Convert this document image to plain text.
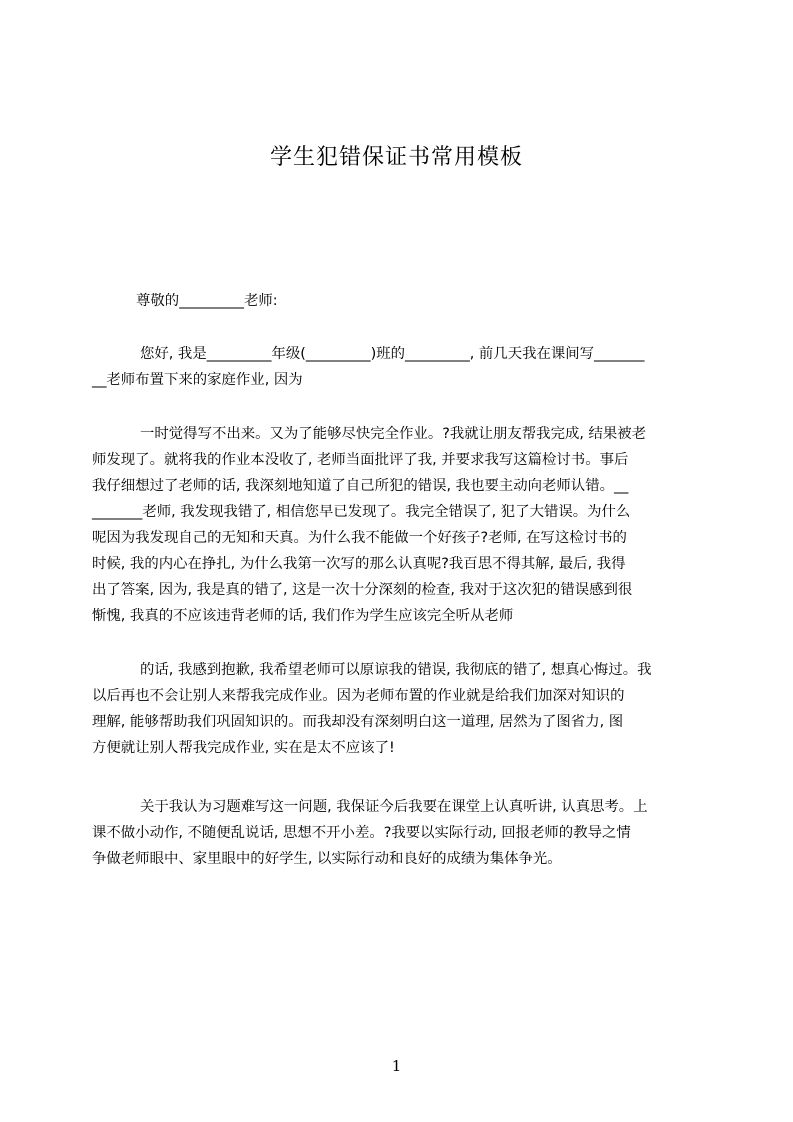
学生犯错保证书常用模板
尊敬的_________老师:
您好, 我是_________年级(_________)班的_________, 前几天我在课间写_______
__老师布置下来的家庭作业, 因为
一时觉得写不出来。又为了能够尽快完全作业。?我就让朋友帮我完成, 结果被老
师发现了。就将我的作业本没收了, 老师当面批评了我, 并要求我写这篇检讨书。事后
我仔细想过了老师的话, 我深刻地知道了自己所犯的错误, 我也要主动向老师认错。__
_______老师, 我发现我错了, 相信您早已发现了。我完全错误了, 犯了大错误。为什么
呢因为我发现自己的无知和天真。为什么我不能做一个好孩子?老师, 在写这检讨书的
时候, 我的内心在挣扎, 为什么我第一次写的那么认真呢?我百思不得其解, 最后, 我得
出了答案, 因为, 我是真的错了, 这是一次十分深刻的检查, 我对于这次犯的错误感到很
惭愧, 我真的不应该违背老师的话, 我们作为学生应该完全听从老师
的话, 我感到抱歉, 我希望老师可以原谅我的错误, 我彻底的错了, 想真心悔过。我
以后再也不会让别人来帮我完成作业。因为老师布置的作业就是给我们加深对知识的
理解, 能够帮助我们巩固知识的。而我却没有深刻明白这一道理, 居然为了图省力, 图
方便就让别人帮我完成作业, 实在是太不应该了!
关于我认为习题难写这一问题, 我保证今后我要在课堂上认真听讲, 认真思考。上
课不做小动作, 不随便乱说话, 思想不开小差。?我要以实际行动, 回报老师的教导之情
争做老师眼中、家里眼中的好学生, 以实际行动和良好的成绩为集体争光。
1
